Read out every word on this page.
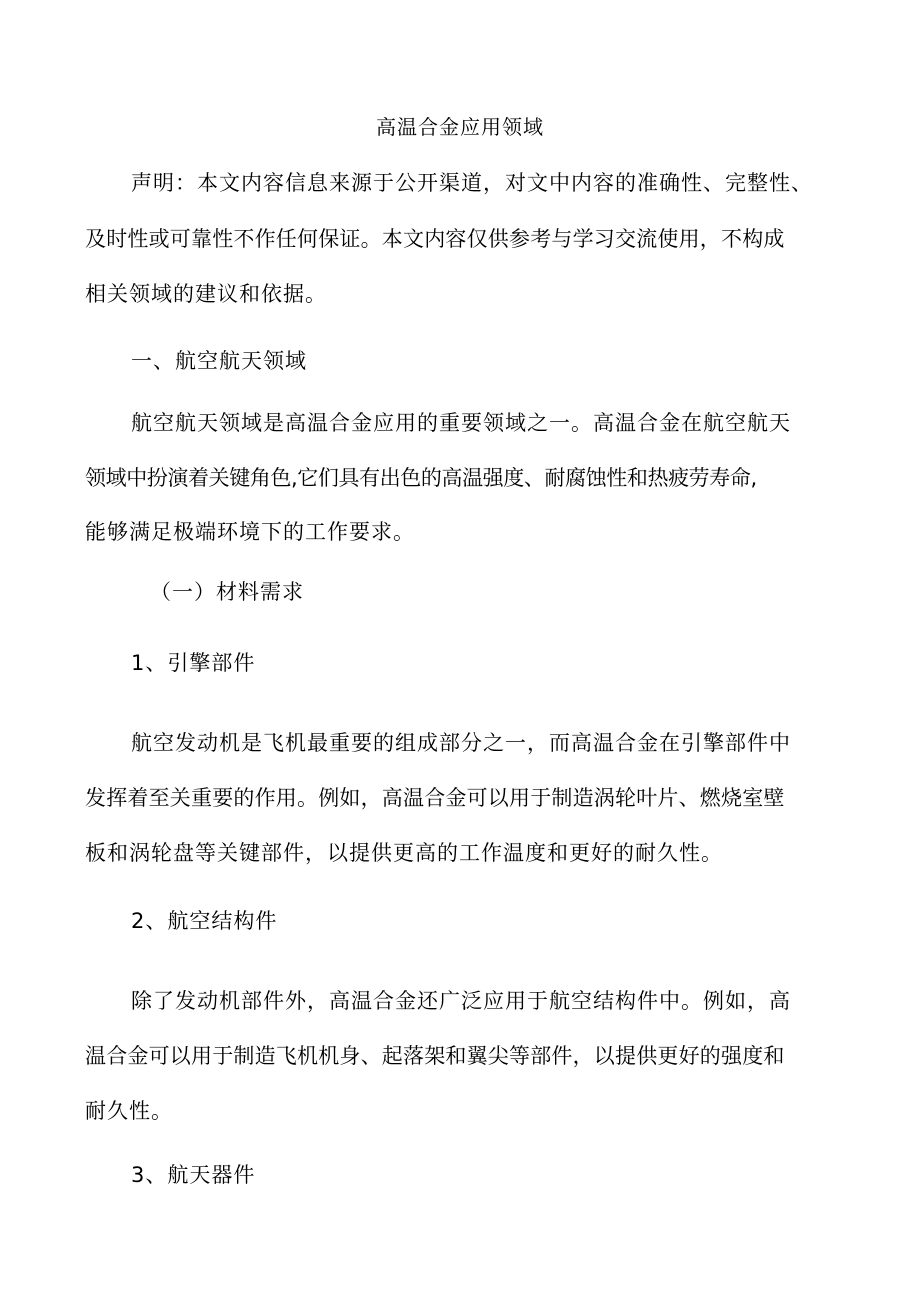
高温合金应用领域

声明：本文内容信息来源于公开渠道，对文中内容的准确性、完整性、

及时性或可靠性不作任何保证。本文内容仅供参考与学习交流使用，不构成

相关领域的建议和依据。

一、航空航天领域

航空航天领域是高温合金应用的重要领域之一。高温合金在航空航天

领域中扮演着关键角色,它们具有出色的高温强度、耐腐蚀性和热疲劳寿命,

能够满足极端环境下的工作要求。

（一）材料需求

1、引擎部件

航空发动机是飞机最重要的组成部分之一，而高温合金在引擎部件中

发挥着至关重要的作用。例如，高温合金可以用于制造涡轮叶片、燃烧室壁

板和涡轮盘等关键部件，以提供更高的工作温度和更好的耐久性。

2、航空结构件

除了发动机部件外，高温合金还广泛应用于航空结构件中。例如，高

温合金可以用于制造飞机机身、起落架和翼尖等部件，以提供更好的强度和

耐久性。

3、航天器件
